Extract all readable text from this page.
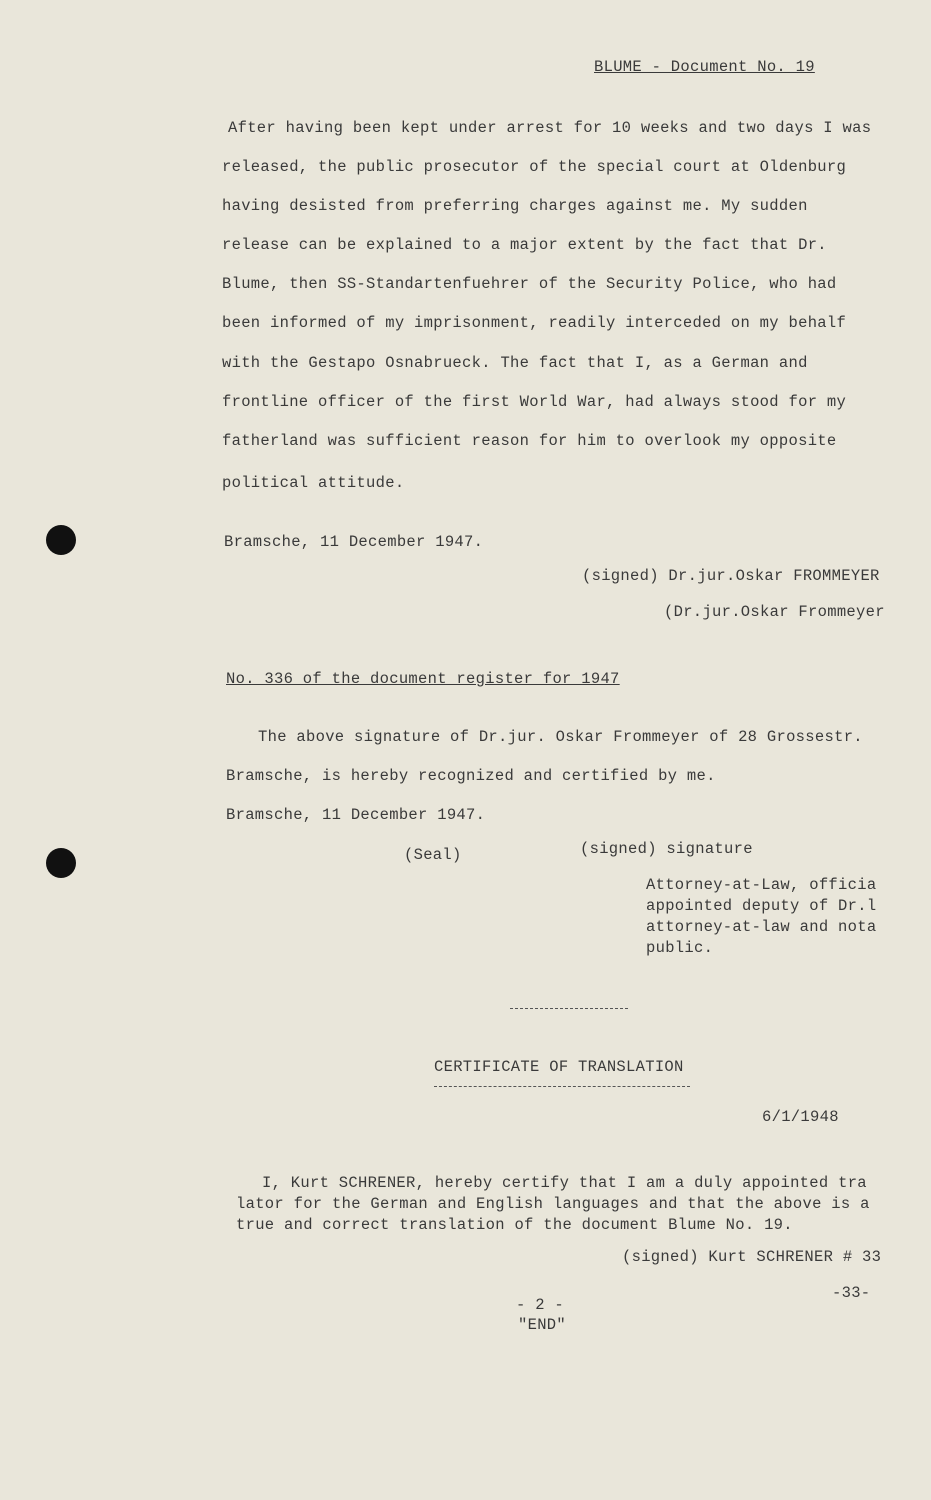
BLUME - Document No. 19
After having been kept under arrest for 10 weeks and two days I was
released, the public prosecutor of the special court at Oldenburg
having desisted from preferring charges against me. My sudden
release can be explained to a major extent by the fact that Dr.
Blume, then SS-Standartenfuehrer of the Security Police, who had
been informed of my imprisonment, readily interceded on my behalf
with the Gestapo Osnabrueck. The fact that I, as a German and
frontline officer of the first World War, had always stood for my
fatherland was sufficient reason for him to overlook my opposite
political attitude.
Bramsche, 11 December 1947.
(signed) Dr.jur.Oskar FROMMEYER
(Dr.jur.Oskar Frommeyer
No. 336 of the document register for 1947
The above signature of Dr.jur. Oskar Frommeyer of 28 Grossestr.
Bramsche, is hereby recognized and certified by me.
Bramsche, 11 December 1947.
(Seal)	(signed) signature
Attorney-at-Law, officia
appointed deputy of Dr.l
attorney-at-law and nota
public.
CERTIFICATE OF TRANSLATION
6/1/1948
I, Kurt SCHRENER, hereby certify that I am a duly appointed tra
lator for the German and English languages and that the above is a
true and correct translation of the document Blume No. 19.
(signed) Kurt SCHRENER # 33
-33-
- 2 -
"END"
